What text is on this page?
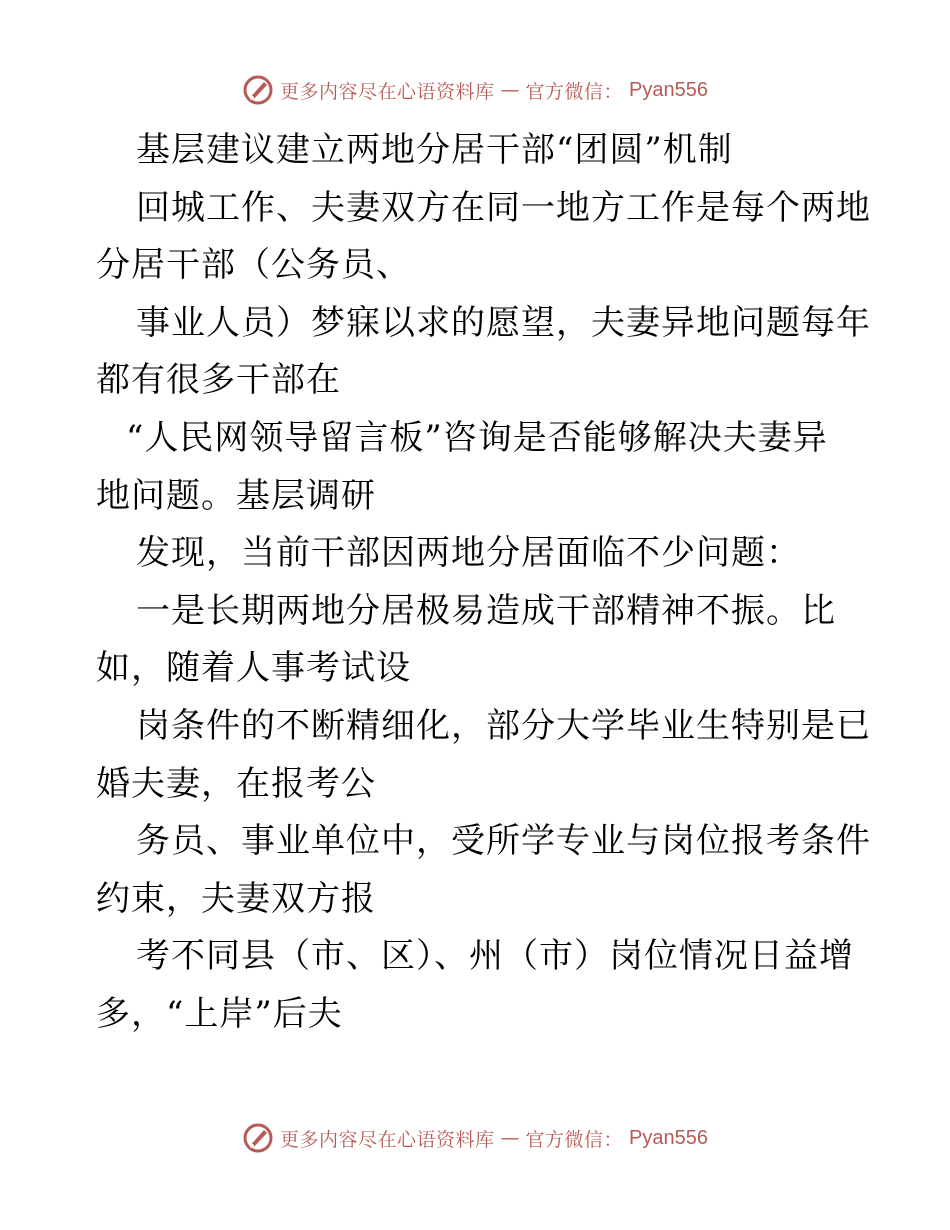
更多内容尽在心语资料库 — 官方微信： Pyan556
基层建议建立两地分居干部“团圆”机制
回城工作、夫妻双方在同一地方工作是每个两地
分居干部（公务员、
事业人员）梦寐以求的愿望，夫妻异地问题每年
都有很多干部在
“人民网领导留言板”咨询是否能够解决夫妻异
地问题。基层调研
发现，当前干部因两地分居面临不少问题：
一是长期两地分居极易造成干部精神不振。比
如，随着人事考试设
岗条件的不断精细化，部分大学毕业生特别是已
婚夫妻，在报考公
务员、事业单位中，受所学专业与岗位报考条件
约束，夫妻双方报
考不同县（市、区）、州（市）岗位情况日益增
多，“上岸”后夫
更多内容尽在心语资料库 — 官方微信： Pyan556
